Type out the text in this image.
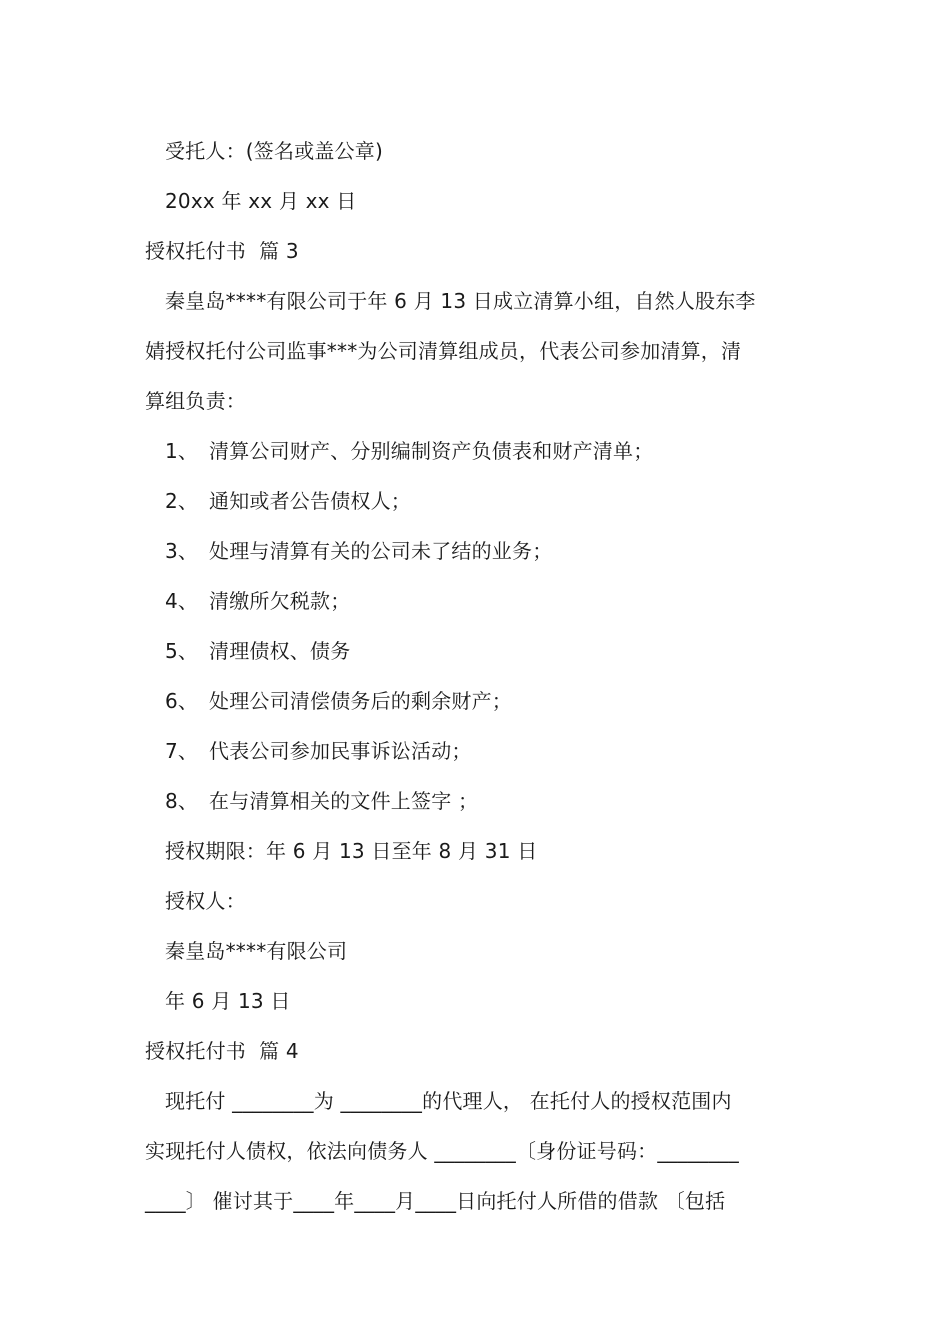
受托人：(签名或盖公章)
20xx 年 xx 月 xx 日
授权托付书  篇 3
秦皇岛****有限公司于年 6 月 13 日成立清算小组，自然人股东李
婧授权托付公司监事***为公司清算组成员，代表公司参加清算，清
算组负责：
1、 清算公司财产、分别编制资产负债表和财产清单；
2、 通知或者公告债权人；
3、 处理与清算有关的公司未了结的业务；
4、 清缴所欠税款；
5、 清理债权、债务
6、 处理公司清偿债务后的剩余财产；
7、 代表公司参加民事诉讼活动；
8、 在与清算相关的文件上签字 ；
授权期限：年 6 月 13 日至年 8 月 31 日
授权人：
秦皇岛****有限公司
年 6 月 13 日
授权托付书  篇 4
现托付 ________为 ________的代理人， 在托付人的授权范围内
实现托付人债权，依法向债务人 ________〔身份证号码：________
____〕 催讨其于____年____月____日向托付人所借的借款 〔包括
